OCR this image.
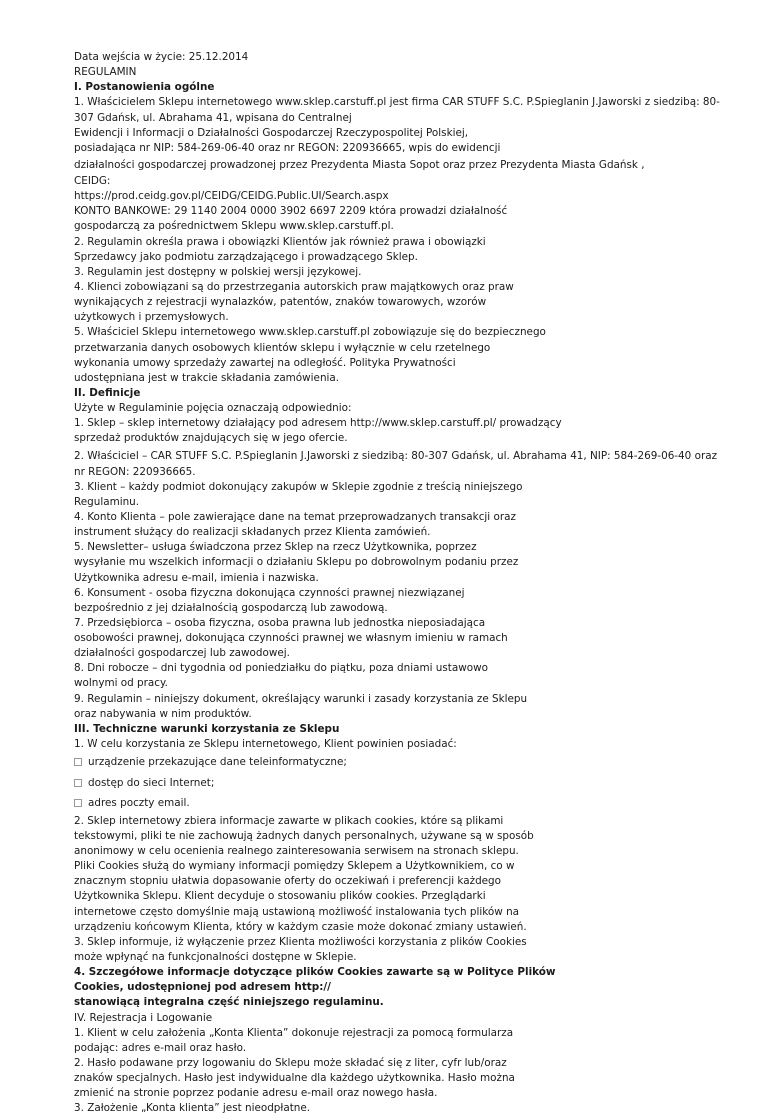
Data wejścia w życie: 25.12.2014
REGULAMIN
I. Postanowienia ogólne
1. Właścicielem Sklepu internetowego www.sklep.carstuff.pl jest firma CAR STUFF S.C. P.Spieglanin J.Jaworski z siedzibą: 80-
307 Gdańsk, ul. Abrahama 41, wpisana do Centralnej
Ewidencji i Informacji o Działalności Gospodarczej Rzeczypospolitej Polskiej,
posiadająca nr NIP: 584-269-06-40 oraz nr REGON: 220936665, wpis do ewidencji
działalności gospodarczej prowadzonej przez Prezydenta Miasta Sopot oraz przez Prezydenta Miasta Gdańsk ,
CEIDG:
https://prod.ceidg.gov.pl/CEIDG/CEIDG.Public.UI/Search.aspx
KONTO BANKOWE: 29 1140 2004 0000 3902 6697 2209 która prowadzi działalność
gospodarczą za pośrednictwem Sklepu www.sklep.carstuff.pl.
2. Regulamin określa prawa i obowiązki Klientów jak również prawa i obowiązki
Sprzedawcy jako podmiotu zarządzającego i prowadzącego Sklep.
3. Regulamin jest dostępny w polskiej wersji językowej.
4. Klienci zobowiązani są do przestrzegania autorskich praw majątkowych oraz praw
wynikających z rejestracji wynalazków, patentów, znaków towarowych, wzorów
użytkowych i przemysłowych.
5. Właściciel Sklepu internetowego www.sklep.carstuff.pl zobowiązuje się do bezpiecznego
przetwarzania danych osobowych klientów sklepu i wyłącznie w celu rzetelnego
wykonania umowy sprzedaży zawartej na odległość. Polityka Prywatności
udostępniana jest w trakcie składania zamówienia.
II. Definicje
Użyte w Regulaminie pojęcia oznaczają odpowiednio:
1. Sklep – sklep internetowy działający pod adresem http://www.sklep.carstuff.pl/ prowadzący
sprzedaż produktów znajdujących się w jego ofercie.
2. Właściciel – CAR STUFF S.C. P.Spieglanin J.Jaworski z siedzibą: 80-307 Gdańsk, ul. Abrahama 41, NIP: 584-269-06-40 oraz
nr REGON: 220936665.
3. Klient – każdy podmiot dokonujący zakupów w Sklepie zgodnie z treścią niniejszego
Regulaminu.
4. Konto Klienta – pole zawierające dane na temat przeprowadzanych transakcji oraz
instrument służący do realizacji składanych przez Klienta zamówień.
5. Newsletter– usługa świadczona przez Sklep na rzecz Użytkownika, poprzez
wysyłanie mu wszelkich informacji o działaniu Sklepu po dobrowolnym podaniu przez
Użytkownika adresu e-mail, imienia i nazwiska.
6. Konsument - osoba fizyczna dokonująca czynności prawnej niezwiązanej
bezpośrednio z jej działalnością gospodarczą lub zawodową.
7. Przedsiębiorca – osoba fizyczna, osoba prawna lub jednostka nieposiadająca
osobowości prawnej, dokonująca czynności prawnej we własnym imieniu w ramach
działalności gospodarczej lub zawodowej.
8. Dni robocze – dni tygodnia od poniedziałku do piątku, poza dniami ustawowo
wolnymi od pracy.
9. Regulamin – niniejszy dokument, określający warunki i zasady korzystania ze Sklepu
oraz nabywania w nim produktów.
III. Techniczne warunki korzystania ze Sklepu
1. W celu korzystania ze Sklepu internetowego, Klient powinien posiadać:
urządzenie przekazujące dane teleinformatyczne;
dostęp do sieci Internet;
adres poczty email.
2. Sklep internetowy zbiera informacje zawarte w plikach cookies, które są plikami
tekstowymi, pliki te nie zachowują żadnych danych personalnych, używane są w sposób
anonimowy w celu ocenienia realnego zainteresowania serwisem na stronach sklepu.
Pliki Cookies służą do wymiany informacji pomiędzy Sklepem a Użytkownikiem, co w
znacznym stopniu ułatwia dopasowanie oferty do oczekiwań i preferencji każdego
Użytkownika Sklepu. Klient decyduje o stosowaniu plików cookies. Przeglądarki
internetowe często domyślnie mają ustawioną możliwość instalowania tych plików na
urządzeniu końcowym Klienta, który w każdym czasie może dokonać zmiany ustawień.
3. Sklep informuje, iż wyłączenie przez Klienta możliwości korzystania z plików Cookies
może wpłynąć na funkcjonalności dostępne w Sklepie.
4. Szczegółowe informacje dotyczące plików Cookies zawarte są w Polityce Plików
Cookies, udostępnionej pod adresem http://
stanowiącą integralna część niniejszego regulaminu.
IV. Rejestracja i Logowanie
1. Klient w celu założenia „Konta Klienta” dokonuje rejestracji za pomocą formularza
podając: adres e-mail oraz hasło.
2. Hasło podawane przy logowaniu do Sklepu może składać się z liter, cyfr lub/oraz
znaków specjalnych. Hasło jest indywidualne dla każdego użytkownika. Hasło można
zmienić na stronie poprzez podanie adresu e-mail oraz nowego hasła.
3. Założenie „Konta klienta” jest nieodpłatne.
